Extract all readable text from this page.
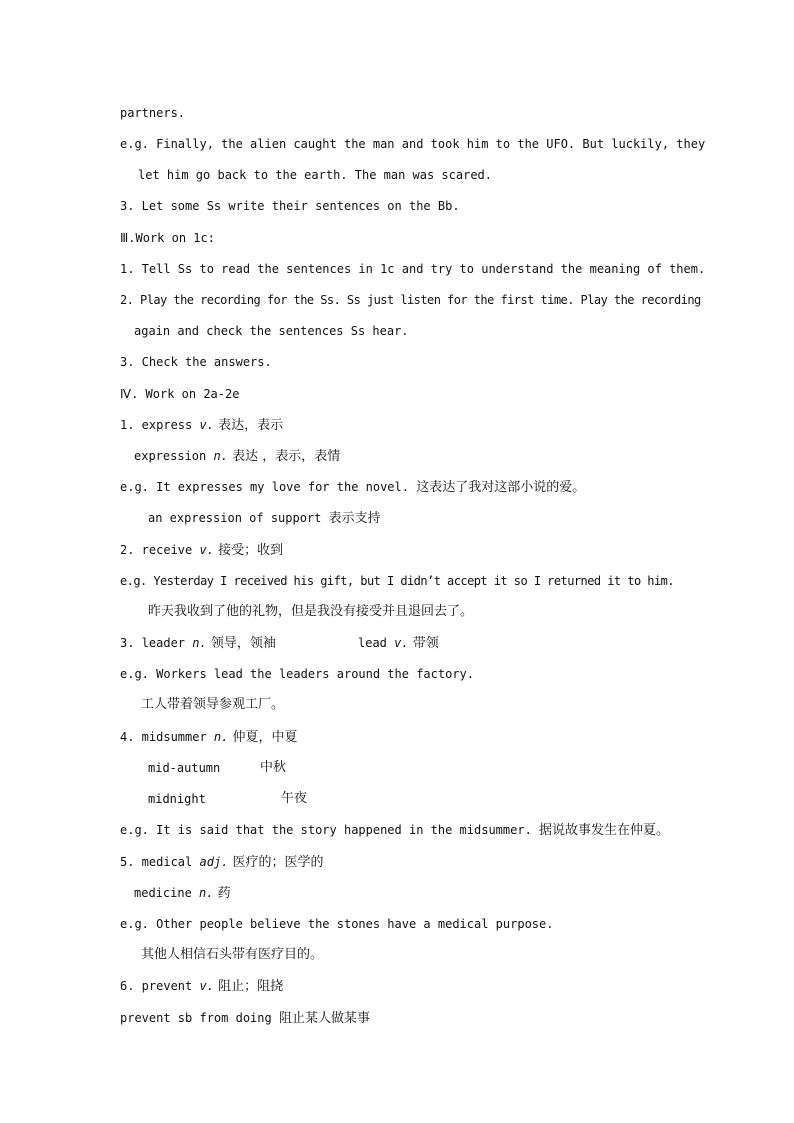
partners.
e.g. Finally, the alien caught the man and took him to the UFO. But luckily, they
let him go back to the earth. The man was scared.
3. Let some Ss write their sentences on the Bb.
Ⅲ.Work on 1c:
1. Tell Ss to read the sentences in 1c and try to understand the meaning of them.
2. Play the recording for the Ss. Ss just listen for the first time. Play the recording
again and check the sentences Ss hear.
3. Check the answers.
Ⅳ. Work on 2a-2e
1. express v. 表达，表示
expression n. 表达 ，表示，表情
e.g. It expresses my love for the novel. 这表达了我对这部小说的爱。
an expression of support 表示支持
2. receive v. 接受；收到
e.g. Yesterday I received his gift, but I didn’t accept it so I returned it to him.
昨天我收到了他的礼物，但是我没有接受并且退回去了。
3. leader n. 领导，领袖	lead v. 带领
e.g. Workers lead the leaders around the factory.
工人带着领导参观工厂。
4. midsummer n. 仲夏，中夏
mid-autumn	中秋
midnight	午夜
e.g. It is said that the story happened in the midsummer. 据说故事发生在仲夏。
5. medical adj. 医疗的；医学的
medicine n. 药
e.g. Other people believe the stones have a medical purpose.
其他人相信石头带有医疗目的。
6. prevent v. 阻止；阻挠
prevent sb from doing 阻止某人做某事
